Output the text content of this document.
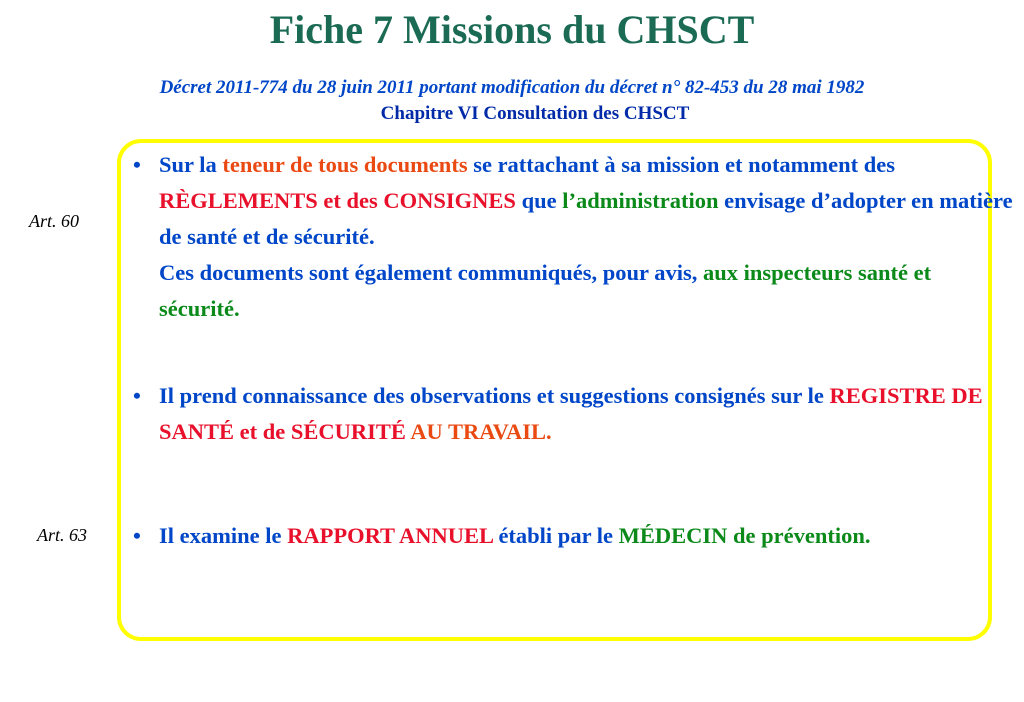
Fiche 7 Missions du CHSCT
Décret 2011-774 du 28 juin 2011 portant modification du décret n° 82-453 du 28 mai 1982
Chapitre VI Consultation des CHSCT
Art. 60
Art. 63
• Sur la teneur de tous documents se rattachant à sa mission et notamment des RÈGLEMENTS et des CONSIGNES que l’administration envisage d’adopter en matière de santé et de sécurité.
Ces documents sont également communiqués, pour avis, aux inspecteurs santé et sécurité.
• Il prend connaissance des observations et suggestions consignés sur le REGISTRE DE SANTÉ et de SÉCURITÉ AU TRAVAIL.
• Il examine le RAPPORT ANNUEL établi par le MÉDECIN de prévention.
